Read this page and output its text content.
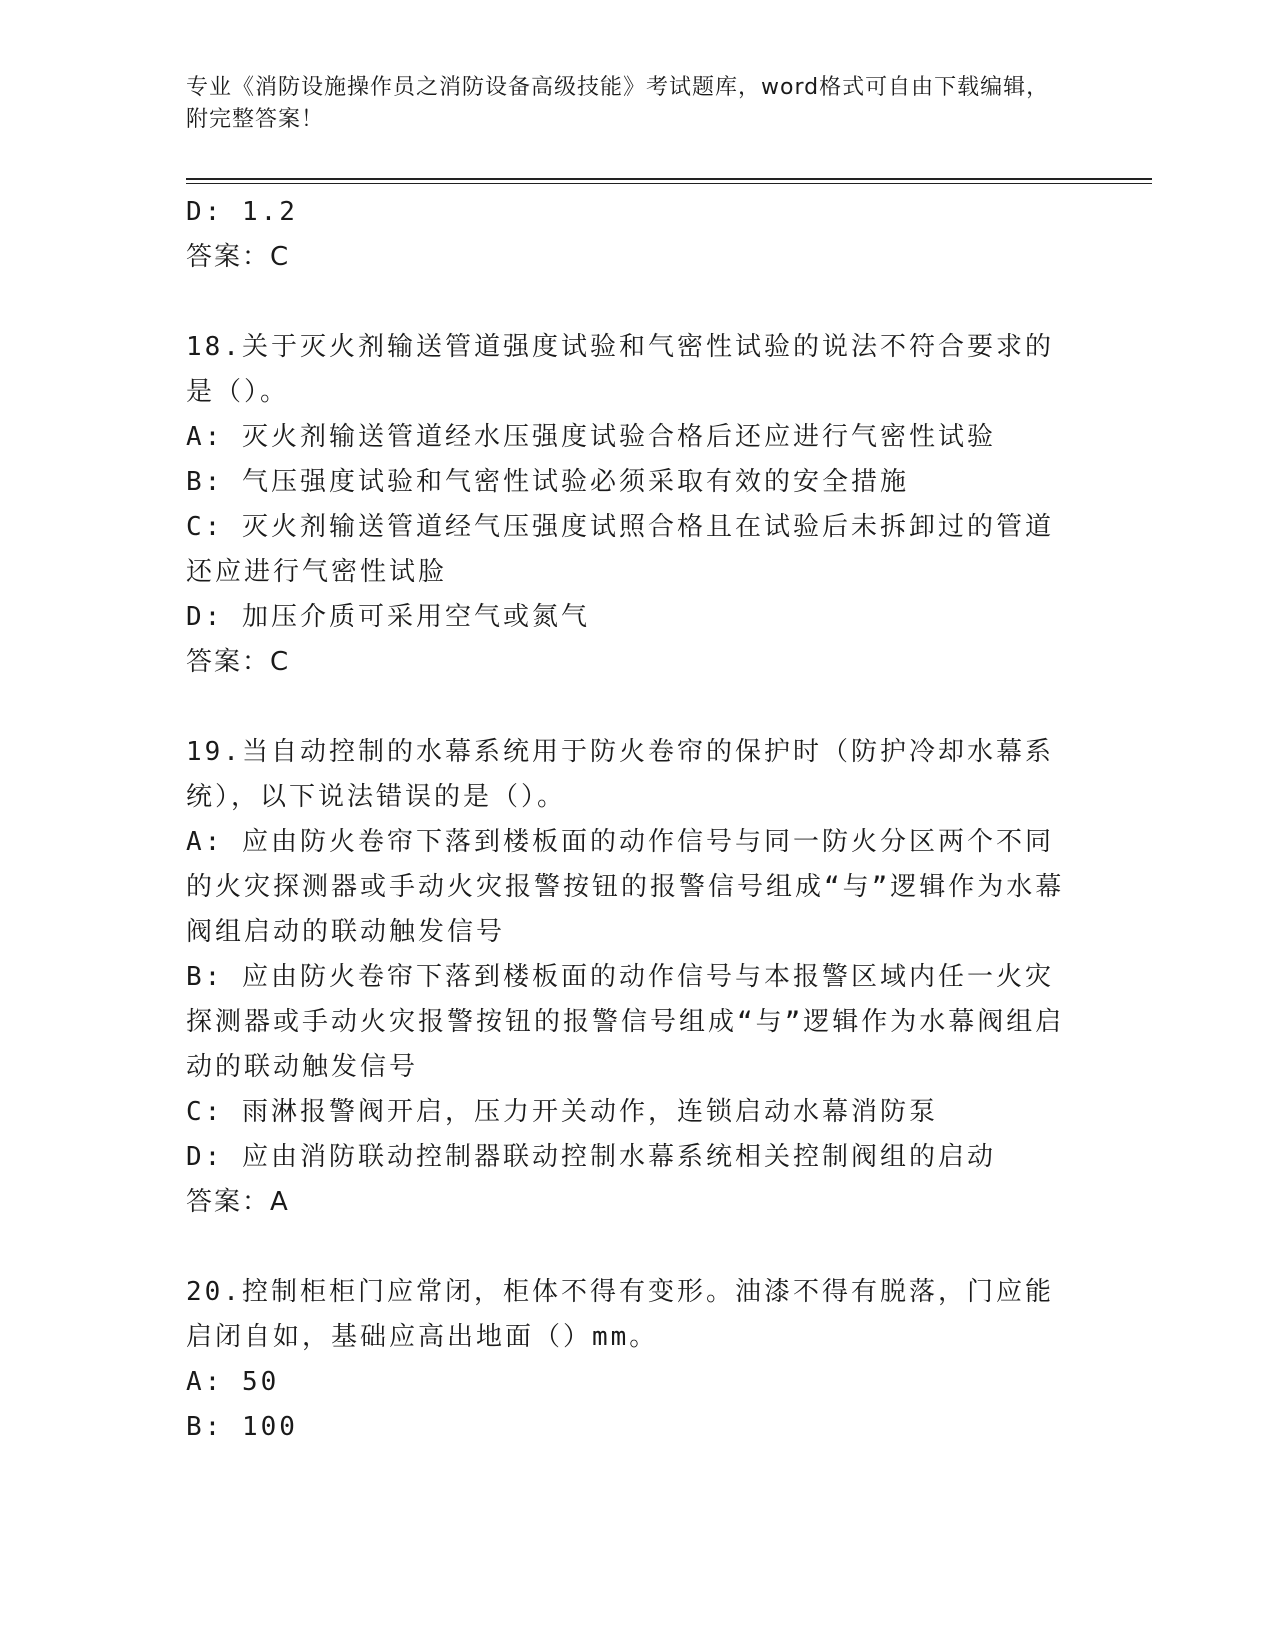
专业《消防设施操作员之消防设备高级技能》考试题库，word格式可自由下载编辑，附完整答案！
D: 1.2
答案：C
18.关于灭火剂输送管道强度试验和气密性试验的说法不符合要求的是（）。
A: 灭火剂输送管道经水压强度试验合格后还应进行气密性试验
B: 气压强度试验和气密性试验必须采取有效的安全措施
C: 灭火剂输送管道经气压强度试照合格且在试验后未拆卸过的管道还应进行气密性试脸
D: 加压介质可采用空气或氮气
答案：C
19.当自动控制的水幕系统用于防火卷帘的保护时（防护冷却水幕系统），以下说法错误的是（）。
A: 应由防火卷帘下落到楼板面的动作信号与同一防火分区两个不同的火灾探测器或手动火灾报警按钮的报警信号组成“与”逻辑作为水幕阀组启动的联动触发信号
B: 应由防火卷帘下落到楼板面的动作信号与本报警区域内任一火灾探测器或手动火灾报警按钮的报警信号组成“与”逻辑作为水幕阀组启动的联动触发信号
C: 雨淋报警阀开启，压力开关动作，连锁启动水幕消防泵
D: 应由消防联动控制器联动控制水幕系统相关控制阀组的启动
答案：A
20.控制柜柜门应常闭，柜体不得有变形。油漆不得有脱落，门应能启闭自如，基础应高出地面（）mm。
A: 50
B: 100
